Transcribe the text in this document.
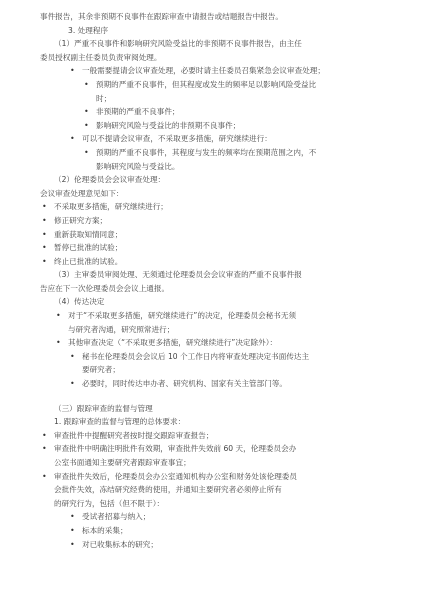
事件报告，其余非预期不良事件在跟踪审查中请报告或结题报告中报告。

3. 处理程序

（1）严重不良事件和影响研究风险受益比的非预期不良事件报告，由主任

委员授权副主任委员负责审阅处理。

• 一般需要提请会议审查处理，必要时请主任委员召集紧急会议审查处理；
• 预期的严重不良事件，但其程度或发生的频率足以影响风险受益比

时；

• 非预期的严重不良事件；
• 影响研究风险与受益比的非预期不良事件；
• 可以不提请会议审查，不采取更多措施，研究继续进行：
• 预期的严重不良事件，其程度与发生的频率均在预期范围之内，不

影响研究风险与受益比。

（2）伦理委员会会议审查处理：

会议审查处理意见如下：

• 不采取更多措施，研究继续进行；
• 修正研究方案；
• 重新获取知情同意；
• 暂停已批准的试验；
• 终止已批准的试验。

（3）主审委员审阅处理、无须通过伦理委员会会议审查的严重不良事件报

告应在下一次伦理委员会会议上通报。

（4）传达决定

• 对于“不采取更多措施，研究继续进行”的决定，伦理委员会秘书无须

与研究者沟通，研究照常进行；

• 其他审查决定（“不采取更多措施，研究继续进行”决定除外）：
• 秘书在伦理委员会会议后 10 个工作日内将审查处理决定书面传达主

要研究者；

• 必要时，同时传达申办者、研究机构、国家有关主管部门等。

（三）跟踪审查的监督与管理

1. 跟踪审查的监督与管理的总体要求：

• 审查批件中提醒研究者按时提交跟踪审查报告；
• 审查批件中明确注明批件有效期，审查批件失效前 60 天，伦理委员会办

公室书面通知主要研究者跟踪审查事宜；

• 审查批件失效后，伦理委员会办公室通知机构办公室和财务处该伦理委员

会批件失效，冻结研究经费的使用，并通知主要研究者必须停止所有

的研究行为，包括（但不限于）：

• 受试者招募与纳入；
• 标本的采集；
• 对已收集标本的研究；
